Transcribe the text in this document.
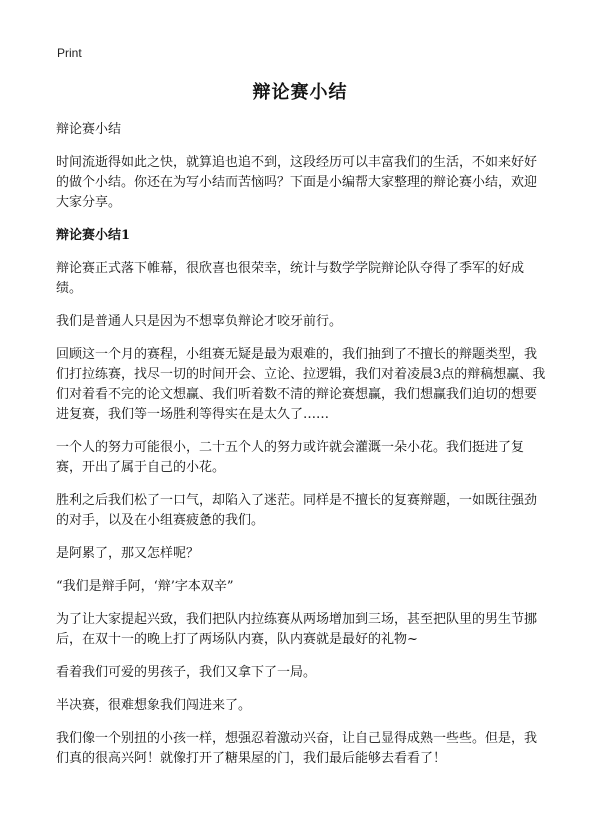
Print
辩论赛小结

辩论赛小结

时间流逝得如此之快，就算追也追不到，这段经历可以丰富我们的生活，不如来好好的做个小结。你还在为写小结而苦恼吗？下面是小编帮大家整理的辩论赛小结，欢迎大家分享。

辩论赛小结1

辩论赛正式落下帷幕，很欣喜也很荣幸，统计与数学学院辩论队夺得了季军的好成绩。

我们是普通人只是因为不想辜负辩论才咬牙前行。

回顾这一个月的赛程，小组赛无疑是最为艰难的，我们抽到了不擅长的辩题类型，我们打拉练赛，找尽一切的时间开会、立论、拉逻辑，我们对着凌晨3点的辩稿想赢、我们对着看不完的论文想赢、我们听着数不清的辩论赛想赢，我们想赢我们迫切的想要进复赛，我们等一场胜利等得实在是太久了……

一个人的努力可能很小，二十五个人的努力或许就会灌溉一朵小花。我们挺进了复赛，开出了属于自己的小花。

胜利之后我们松了一口气，却陷入了迷茫。同样是不擅长的复赛辩题，一如既往强劲的对手，以及在小组赛疲惫的我们。

是阿累了，那又怎样呢？

“我们是辩手阿，‘辩’字本双辛”

为了让大家提起兴致，我们把队内拉练赛从两场增加到三场，甚至把队里的男生节挪后，在双十一的晚上打了两场队内赛，队内赛就是最好的礼物~

看着我们可爱的男孩子，我们又拿下了一局。

半决赛，很难想象我们闯进来了。

我们像一个别扭的小孩一样，想强忍着激动兴奋，让自己显得成熟一些些。但是，我们真的很高兴阿！就像打开了糖果屋的门，我们最后能够去看看了！
